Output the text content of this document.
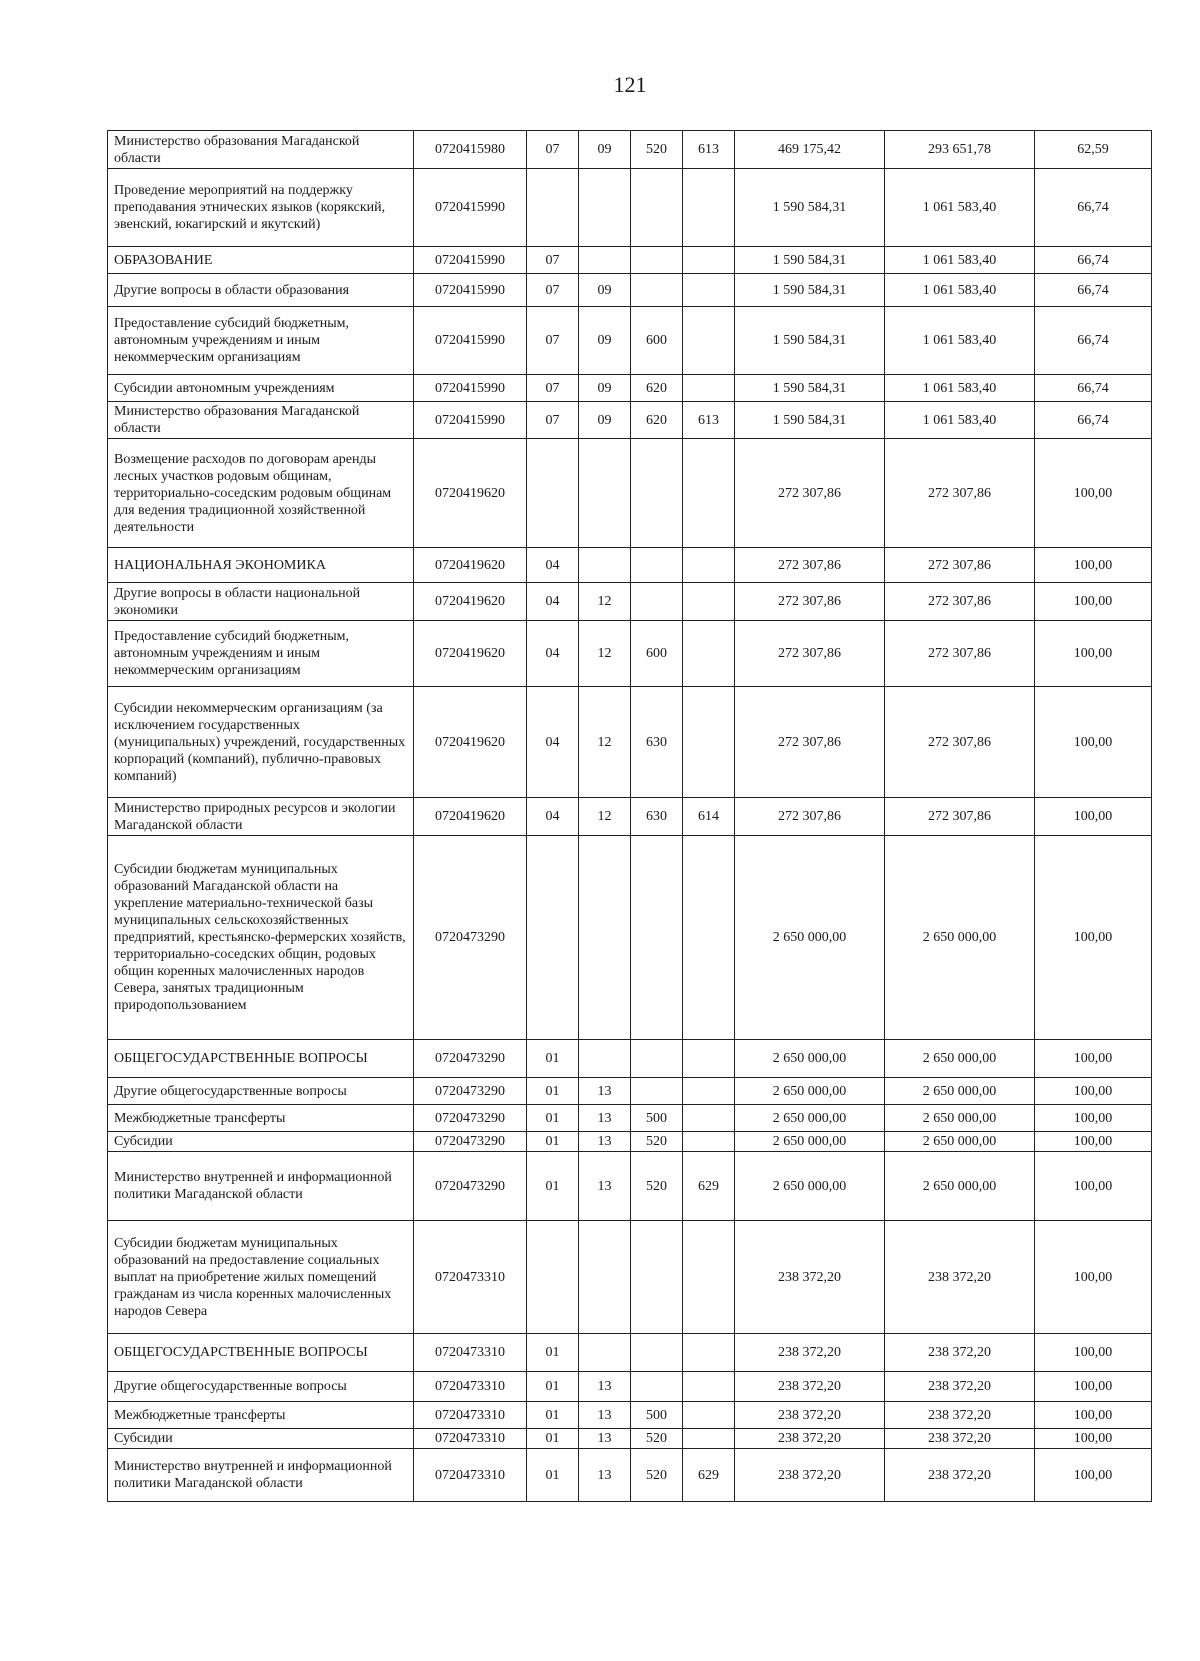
121
Министерство образования Магаданской области	0720415980	07	09	520	613	469 175,42	293 651,78	62,59
Проведение мероприятий на поддержку преподавания этнических языков (корякский, эвенский, юкагирский и якутский)	0720415990					1 590 584,31	1 061 583,40	66,74
ОБРАЗОВАНИЕ	0720415990	07				1 590 584,31	1 061 583,40	66,74
Другие вопросы в области образования	0720415990	07	09			1 590 584,31	1 061 583,40	66,74
Предоставление субсидий бюджетным, автономным учреждениям и иным некоммерческим организациям	0720415990	07	09	600		1 590 584,31	1 061 583,40	66,74
Субсидии автономным учреждениям	0720415990	07	09	620		1 590 584,31	1 061 583,40	66,74
Министерство образования Магаданской области	0720415990	07	09	620	613	1 590 584,31	1 061 583,40	66,74
Возмещение расходов по договорам аренды лесных участков родовым общинам, территориально-соседским родовым общинам для ведения традиционной хозяйственной деятельности	0720419620					272 307,86	272 307,86	100,00
НАЦИОНАЛЬНАЯ ЭКОНОМИКА	0720419620	04				272 307,86	272 307,86	100,00
Другие вопросы в области национальной экономики	0720419620	04	12			272 307,86	272 307,86	100,00
Предоставление субсидий бюджетным, автономным учреждениям и иным некоммерческим организациям	0720419620	04	12	600		272 307,86	272 307,86	100,00
Субсидии некоммерческим организациям (за исключением государственных (муниципальных) учреждений, государственных корпораций (компаний), публично-правовых компаний)	0720419620	04	12	630		272 307,86	272 307,86	100,00
Министерство природных ресурсов и экологии Магаданской области	0720419620	04	12	630	614	272 307,86	272 307,86	100,00
Субсидии бюджетам муниципальных образований Магаданской области на укрепление материально-технической базы муниципальных сельскохозяйственных предприятий, крестьянско-фермерских хозяйств, территориально-соседских общин, родовых общин коренных малочисленных народов Севера, занятых традиционным природопользованием	0720473290					2 650 000,00	2 650 000,00	100,00
ОБЩЕГОСУДАРСТВЕННЫЕ ВОПРОСЫ	0720473290	01				2 650 000,00	2 650 000,00	100,00
Другие общегосударственные вопросы	0720473290	01	13			2 650 000,00	2 650 000,00	100,00
Межбюджетные трансферты	0720473290	01	13	500		2 650 000,00	2 650 000,00	100,00
Субсидии	0720473290	01	13	520		2 650 000,00	2 650 000,00	100,00
Министерство внутренней и информационной политики Магаданской области	0720473290	01	13	520	629	2 650 000,00	2 650 000,00	100,00
Субсидии бюджетам муниципальных образований на предоставление социальных выплат на приобретение жилых помещений гражданам из числа коренных малочисленных народов Севера	0720473310					238 372,20	238 372,20	100,00
ОБЩЕГОСУДАРСТВЕННЫЕ ВОПРОСЫ	0720473310	01				238 372,20	238 372,20	100,00
Другие общегосударственные вопросы	0720473310	01	13			238 372,20	238 372,20	100,00
Межбюджетные трансферты	0720473310	01	13	500		238 372,20	238 372,20	100,00
Субсидии	0720473310	01	13	520		238 372,20	238 372,20	100,00
Министерство внутренней и информационной политики Магаданской области	0720473310	01	13	520	629	238 372,20	238 372,20	100,00
